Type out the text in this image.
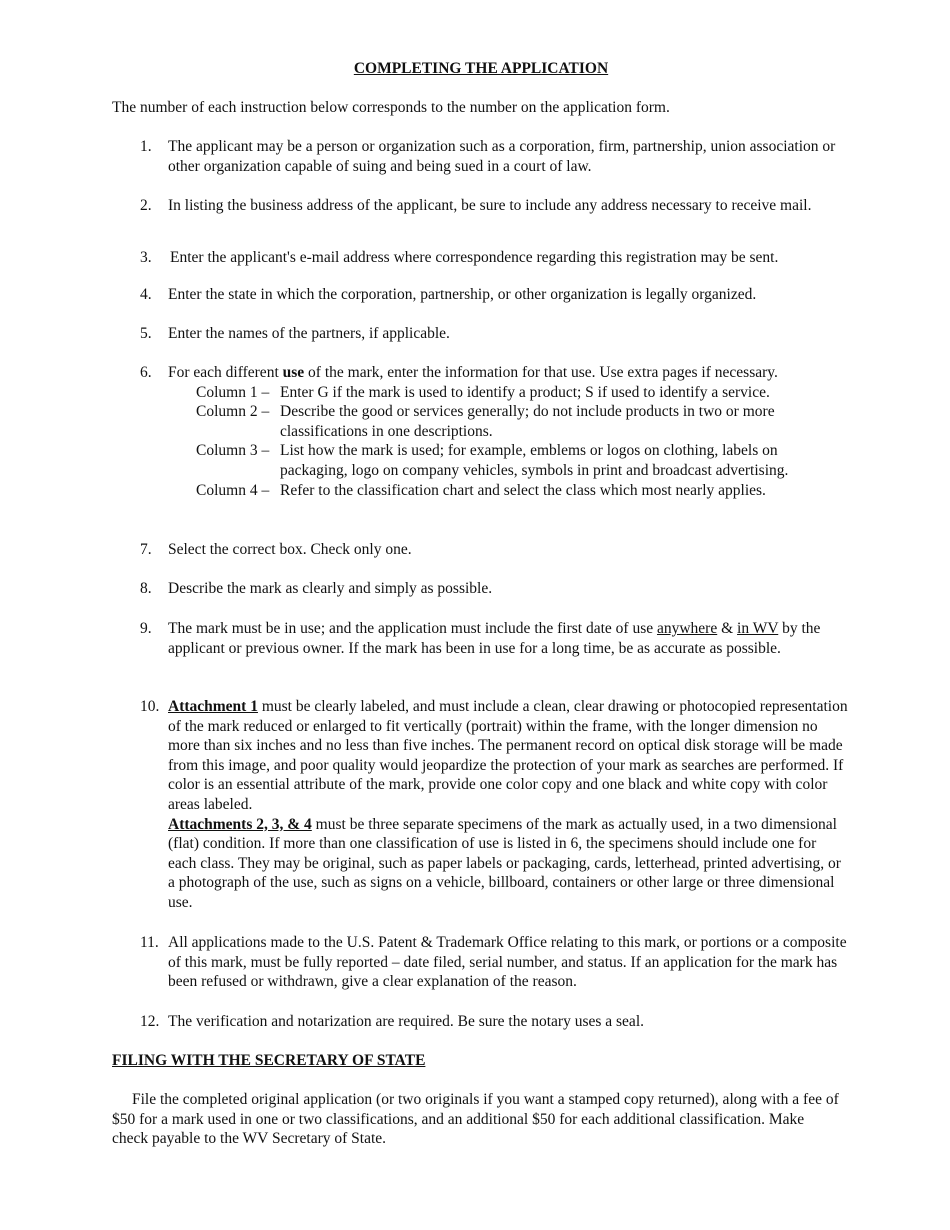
COMPLETING THE APPLICATION
The number of each instruction below corresponds to the number on the application form.
1. The applicant may be a person or organization such as a corporation, firm, partnership, union association or other organization capable of suing and being sued in a court of law.
2. In listing the business address of the applicant, be sure to include any address necessary to receive mail.
3. Enter the applicant's e-mail address where correspondence regarding this registration may be sent.
4. Enter the state in which the corporation, partnership, or other organization is legally organized.
5. Enter the names of the partners, if applicable.
6. For each different use of the mark, enter the information for that use. Use extra pages if necessary.
Column 1 – Enter G if the mark is used to identify a product; S if used to identify a service.
Column 2 – Describe the good or services generally; do not include products in two or more classifications in one descriptions.
Column 3 – List how the mark is used; for example, emblems or logos on clothing, labels on packaging, logo on company vehicles, symbols in print and broadcast advertising.
Column 4 – Refer to the classification chart and select the class which most nearly applies.
7. Select the correct box. Check only one.
8. Describe the mark as clearly and simply as possible.
9. The mark must be in use; and the application must include the first date of use anywhere & in WV by the applicant or previous owner. If the mark has been in use for a long time, be as accurate as possible.
10. Attachment 1 must be clearly labeled, and must include a clean, clear drawing or photocopied representation of the mark reduced or enlarged to fit vertically (portrait) within the frame, with the longer dimension no more than six inches and no less than five inches. The permanent record on optical disk storage will be made from this image, and poor quality would jeopardize the protection of your mark as searches are performed. If color is an essential attribute of the mark, provide one color copy and one black and white copy with color areas labeled.
Attachments 2, 3, & 4 must be three separate specimens of the mark as actually used, in a two dimensional (flat) condition. If more than one classification of use is listed in 6, the specimens should include one for each class. They may be original, such as paper labels or packaging, cards, letterhead, printed advertising, or a photograph of the use, such as signs on a vehicle, billboard, containers or other large or three dimensional use.
11. All applications made to the U.S. Patent & Trademark Office relating to this mark, or portions or a composite of this mark, must be fully reported – date filed, serial number, and status. If an application for the mark has been refused or withdrawn, give a clear explanation of the reason.
12. The verification and notarization are required. Be sure the notary uses a seal.
FILING WITH THE SECRETARY OF STATE
File the completed original application (or two originals if you want a stamped copy returned), along with a fee of $50 for a mark used in one or two classifications, and an additional $50 for each additional classification. Make check payable to the WV Secretary of State.
